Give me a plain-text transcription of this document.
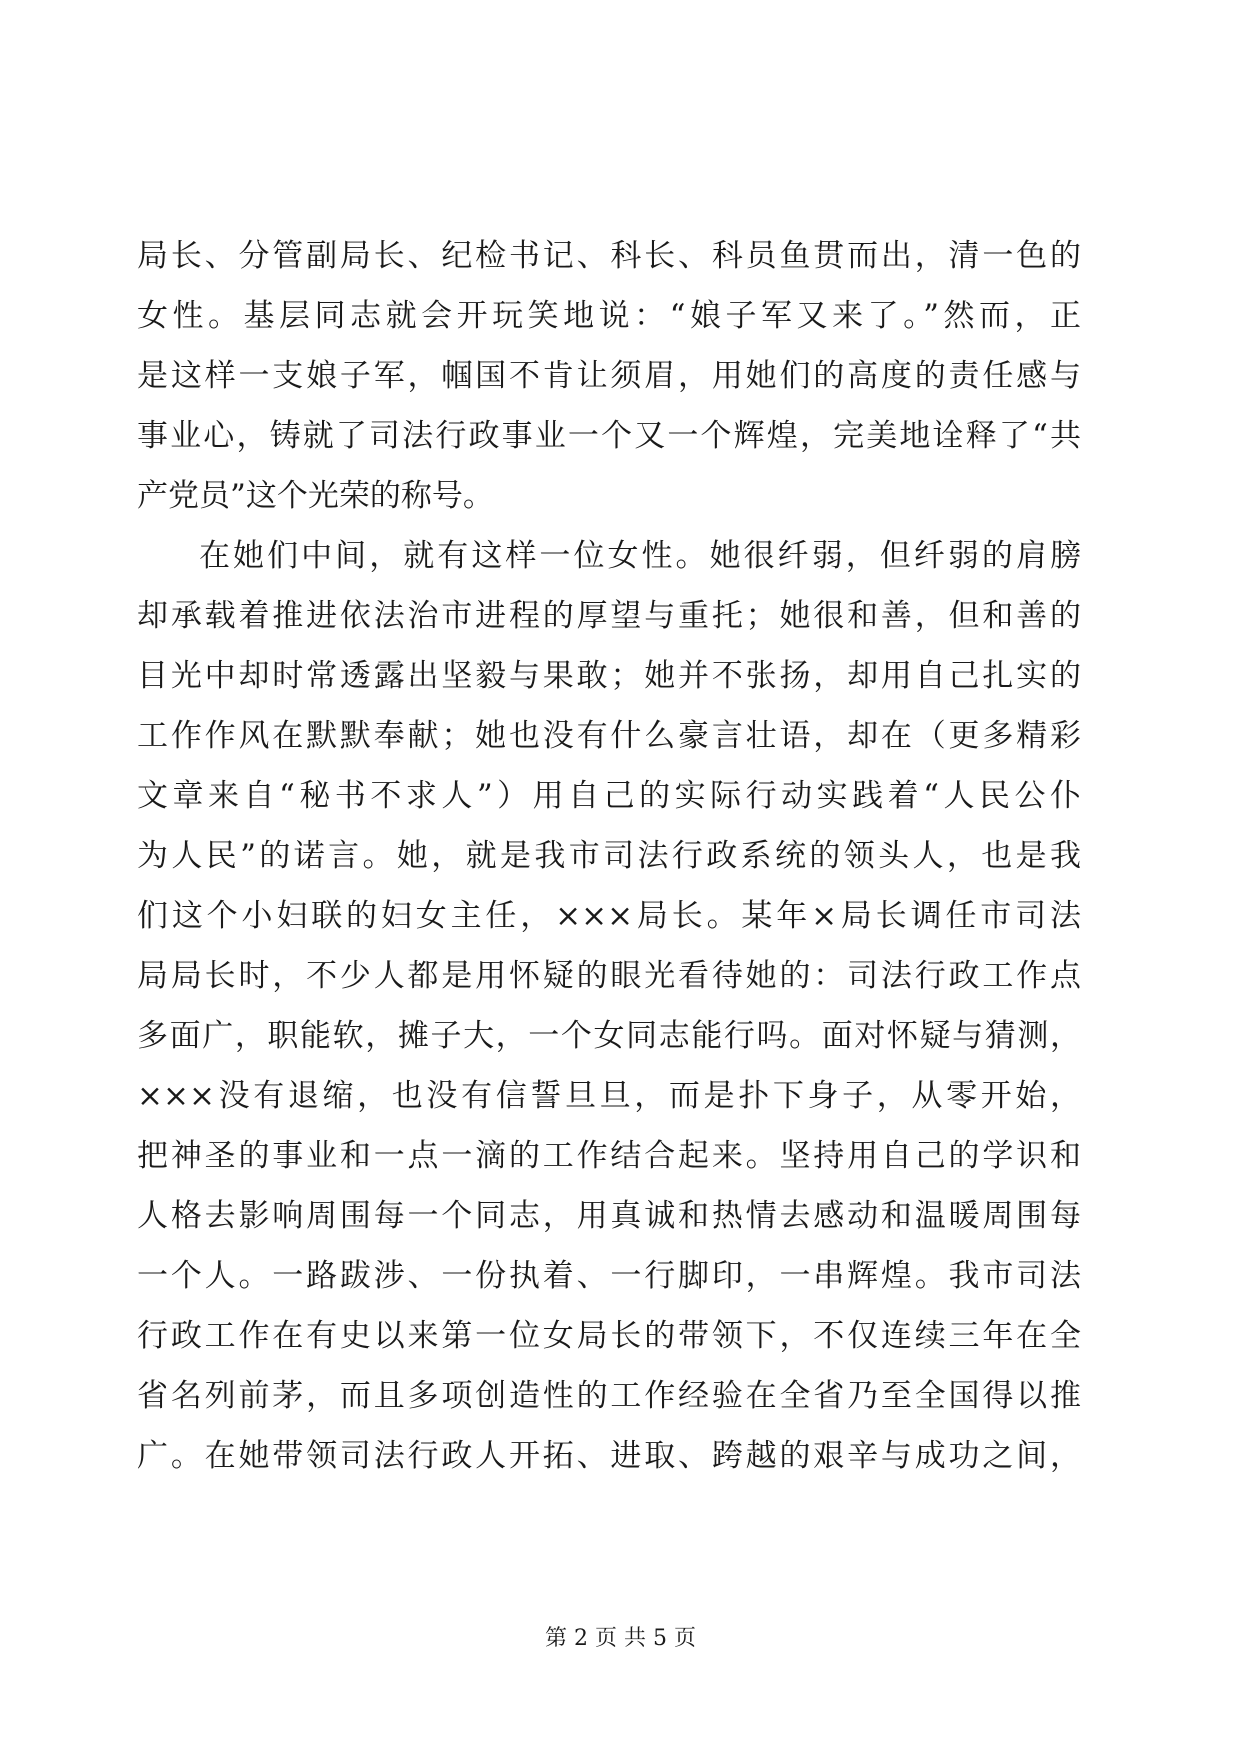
局长、分管副局长、纪检书记、科长、科员鱼贯而出，清一色的
女性。基层同志就会开玩笑地说：“娘子军又来了。”然而，正
是这样一支娘子军，帼国不肯让须眉，用她们的高度的责任感与
事业心，铸就了司法行政事业一个又一个辉煌，完美地诠释了“共
产党员”这个光荣的称号。
在她们中间，就有这样一位女性。她很纤弱，但纤弱的肩膀
却承载着推进依法治市进程的厚望与重托；她很和善，但和善的
目光中却时常透露出坚毅与果敢；她并不张扬，却用自己扎实的
工作作风在默默奉献；她也没有什么豪言壮语，却在（更多精彩
文章来自“秘书不求人”）用自己的实际行动实践着“人民公仆
为人民”的诺言。她，就是我市司法行政系统的领头人，也是我
们这个小妇联的妇女主任，×××局长。某年×局长调任市司法
局局长时，不少人都是用怀疑的眼光看待她的：司法行政工作点
多面广，职能软，摊子大，一个女同志能行吗。面对怀疑与猜测，
×××没有退缩，也没有信誓旦旦，而是扑下身子，从零开始，
把神圣的事业和一点一滴的工作结合起来。坚持用自己的学识和
人格去影响周围每一个同志，用真诚和热情去感动和温暖周围每
一个人。一路跋涉、一份执着、一行脚印，一串辉煌。我市司法
行政工作在有史以来第一位女局长的带领下，不仅连续三年在全
省名列前茅，而且多项创造性的工作经验在全省乃至全国得以推
广。在她带领司法行政人开拓、进取、跨越的艰辛与成功之间，
第 2 页 共 5 页
